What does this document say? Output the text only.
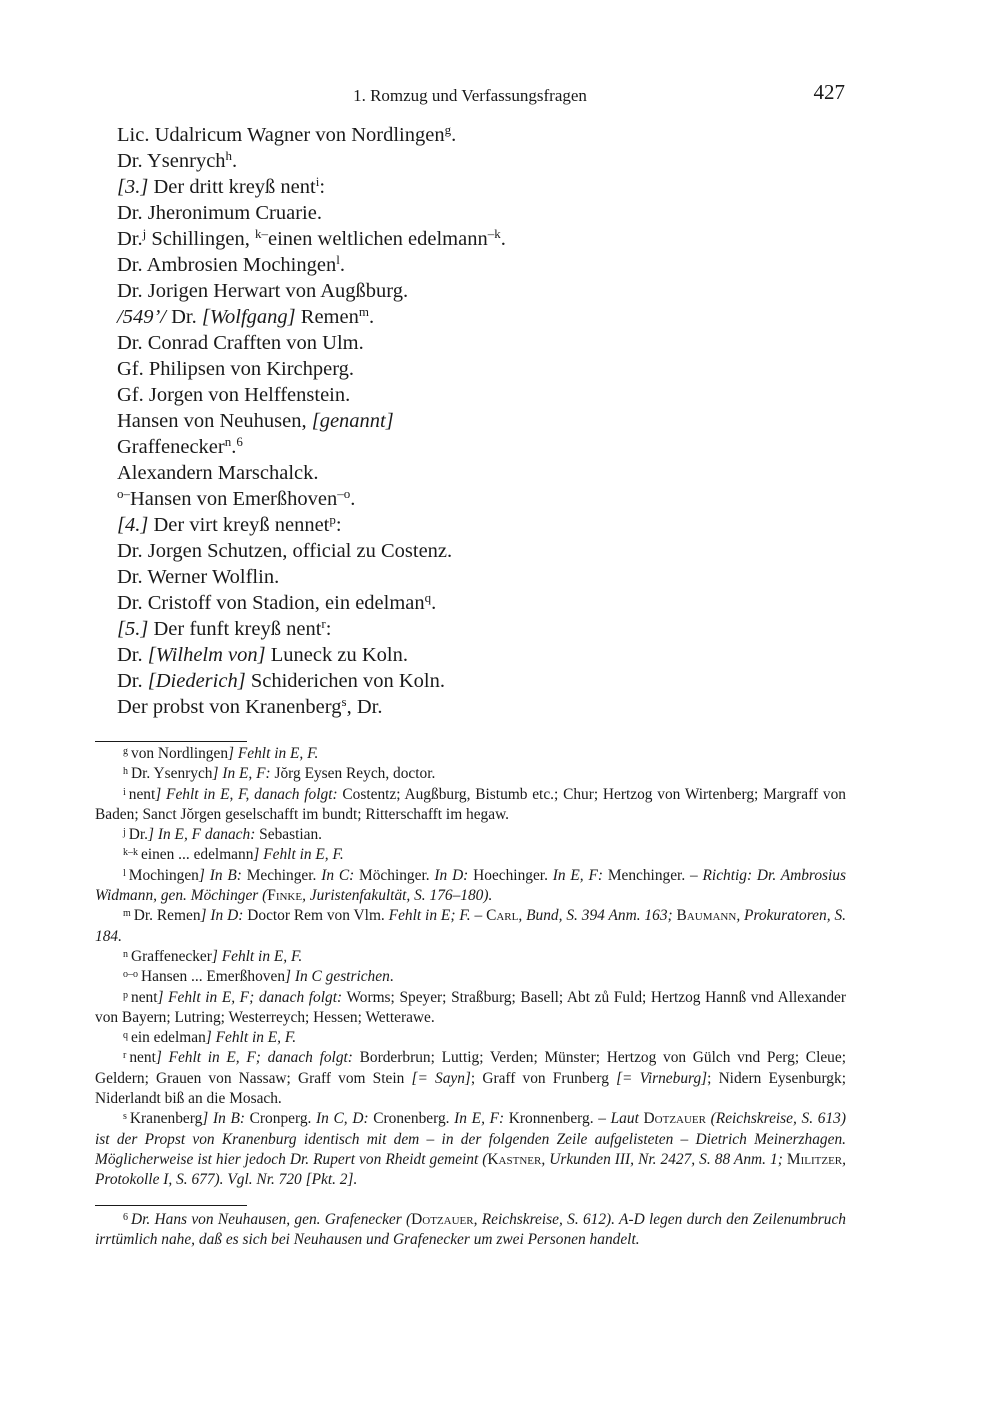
1. Romzug und Verfassungsfragen	427
Lic. Udalricum Wagner von Nordlingen$^g$.
Dr. Ysenrych$^h$.
[3.] Der dritt kreyß nent$^i$:
Dr. Jheronimum Cruarie.
Dr.$^j$ Schillingen, $^{k-}$einen weltlichen edelmann$^{-k}$.
Dr. Ambrosien Mochingen$^l$.
Dr. Jorigen Herwart von Augßburg.
/549’/ Dr. [Wolfgang] Remen$^m$.
Dr. Conrad Crafften von Ulm.
Gf. Philipsen von Kirchperg.
Gf. Jorgen von Helffenstein.
Hansen von Neuhusen, [genannt]
Graffenecker$^n$.$^6$
Alexandern Marschalck.
$^{o-}$Hansen von Emerßhoven$^{-o}$.
[4.] Der virt kreyß nennet$^p$:
Dr. Jorgen Schutzen, official zu Costenz.
Dr. Werner Wolflin.
Dr. Cristoff von Stadion, ein edelman$^q$.
[5.] Der funft kreyß nent$^r$:
Dr. [Wilhelm von] Luneck zu Koln.
Dr. [Diederich] Schiderichen von Koln.
Der probst von Kranenberg$^s$, Dr.
$^g$ von Nordlingen] Fehlt in E, F.
$^h$ Dr. Ysenrych] In E, F: Jŏrg Eysen Reych, doctor.
$^i$ nent] Fehlt in E, F, danach folgt: Costentz; Augßburg, Bistumb etc.; Chur; Hertzog von Wirtenberg; Margraff von Baden; Sanct Jŏrgen geselschafft im bundt; Ritterschafft im hegaw.
$^j$ Dr.] In E, F danach: Sebastian.
$^{k-k}$ einen ... edelmann] Fehlt in E, F.
$^l$ Mochingen] In B: Mechinger. In C: Möchinger. In D: Hoechinger. In E, F: Menchinger. – Richtig: Dr. Ambrosius Widmann, gen. Möchinger (Finke, Juristenfakultät, S. 176–180).
$^m$ Dr. Remen] In D: Doctor Rem von Vlm. Fehlt in E; F. – Carl, Bund, S. 394 Anm. 163; Baumann, Prokuratoren, S. 184.
$^n$ Graffenecker] Fehlt in E, F.
$^{o-o}$ Hansen ... Emerßhoven] In C gestrichen.
$^p$ nent] Fehlt in E, F; danach folgt: Worms; Speyer; Straßburg; Basell; Abt zů Fuld; Hertzog Hannß vnd Allexander von Bayern; Lutring; Westerreych; Hessen; Wetterawe.
$^q$ ein edelman] Fehlt in E, F.
$^r$ nent] Fehlt in E, F; danach folgt: Borderbrun; Luttig; Verden; Münster; Hertzog von Gülch vnd Perg; Cleue; Geldern; Grauen von Nassaw; Graff vom Stein [= Sayn]; Graff von Frunberg [= Virneburg]; Nidern Eysenburgk; Niderlandt biß an die Mosach.
$^s$ Kranenberg] In B: Cronperg. In C, D: Cronenberg. In E, F: Kronnenberg. – Laut Dotzauer (Reichskreise, S. 613) ist der Propst von Kranenburg identisch mit dem – in der folgenden Zeile aufgelisteten – Dietrich Meinerzhagen. Möglicherweise ist hier jedoch Dr. Rupert von Rheidt gemeint (Kastner, Urkunden III, Nr. 2427, S. 88 Anm. 1; Militzer, Protokolle I, S. 677). Vgl. Nr. 720 [Pkt. 2].
$^6$ Dr. Hans von Neuhausen, gen. Grafenecker (Dotzauer, Reichskreise, S. 612). A-D legen durch den Zeilenumbruch irrtümlich nahe, daß es sich bei Neuhausen und Grafenecker um zwei Personen handelt.
